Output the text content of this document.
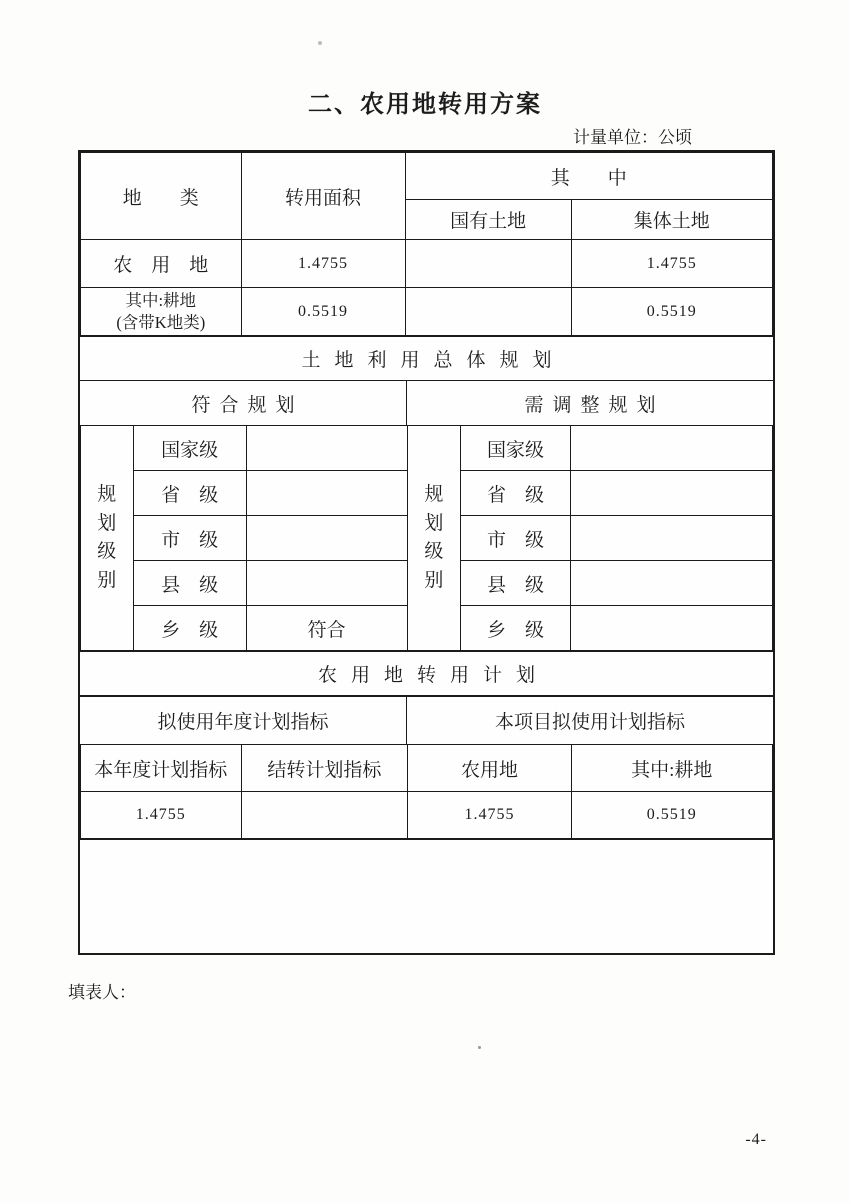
二、农用地转用方案
计量单位：公顷
地　　类	转用面积	其　　中	
		国有土地	集体土地
农　用　地	1.4755		1.4755

其中:耕地
(含带K地类)	0.5519		0.5519
土地利用总体规划
符合规划	需调整规划
规划级别	国家级		规划级别	国家级	
	省　级			省　级	
	市　级			市　级	
	县　级			县　级	
	乡　级	符合		乡　级	
农用地转用计划
拟使用年度计划指标	本项目拟使用计划指标
本年度计划指标	结转计划指标	农用地	其中:耕地
1.4755		1.4755	0.5519
填表人：
-4-
